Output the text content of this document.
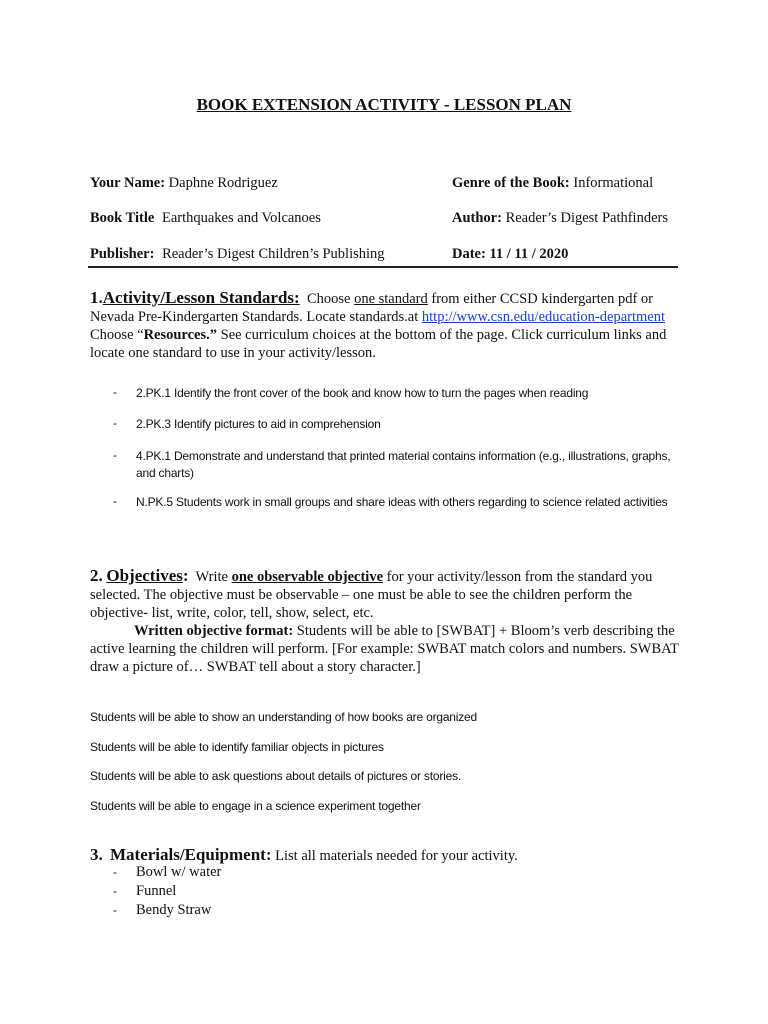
BOOK EXTENSION ACTIVITY - LESSON PLAN
Your Name: Daphne Rodriguez	Genre of the Book: Informational
Book Title Earthquakes and Volcanoes	Author: Reader’s Digest Pathfinders
Publisher: Reader’s Digest Children’s Publishing	Date: 11 / 11 / 2020
1.Activity/Lesson Standards: Choose one standard from either CCSD kindergarten pdf or Nevada Pre-Kindergarten Standards. Locate standards.at http://www.csn.edu/education-department   Choose “Resources.” See curriculum choices at the bottom of the page. Click curriculum links and locate one standard to use in your activity/lesson.
- 2.PK.1 Identify the front cover of the book and know how to turn the pages when reading
- 2.PK.3 Identify pictures to aid in comprehension
- 4.PK.1 Demonstrate and understand that printed material contains information (e.g., illustrations, graphs, and charts)
- N.PK.5 Students work in small groups and share ideas with others regarding to science related activities
2. Objectives: Write one observable objective for your activity/lesson from the standard you selected. The objective must be observable – one must be able to see the children perform the objective- list, write, color, tell, show, select, etc.
Written objective format: Students will be able to [SWBAT] + Bloom’s verb describing the active learning the children will perform. [For example: SWBAT match colors and numbers. SWBAT draw a picture of… SWBAT tell about a story character.]
Students will be able to show an understanding of how books are organized
Students will be able to identify familiar objects in pictures
Students will be able to ask questions about details of pictures or stories.
Students will be able to engage in a science experiment together
3. Materials/Equipment: List all materials needed for your activity.
- Bowl w/ water
- Funnel
- Bendy Straw
